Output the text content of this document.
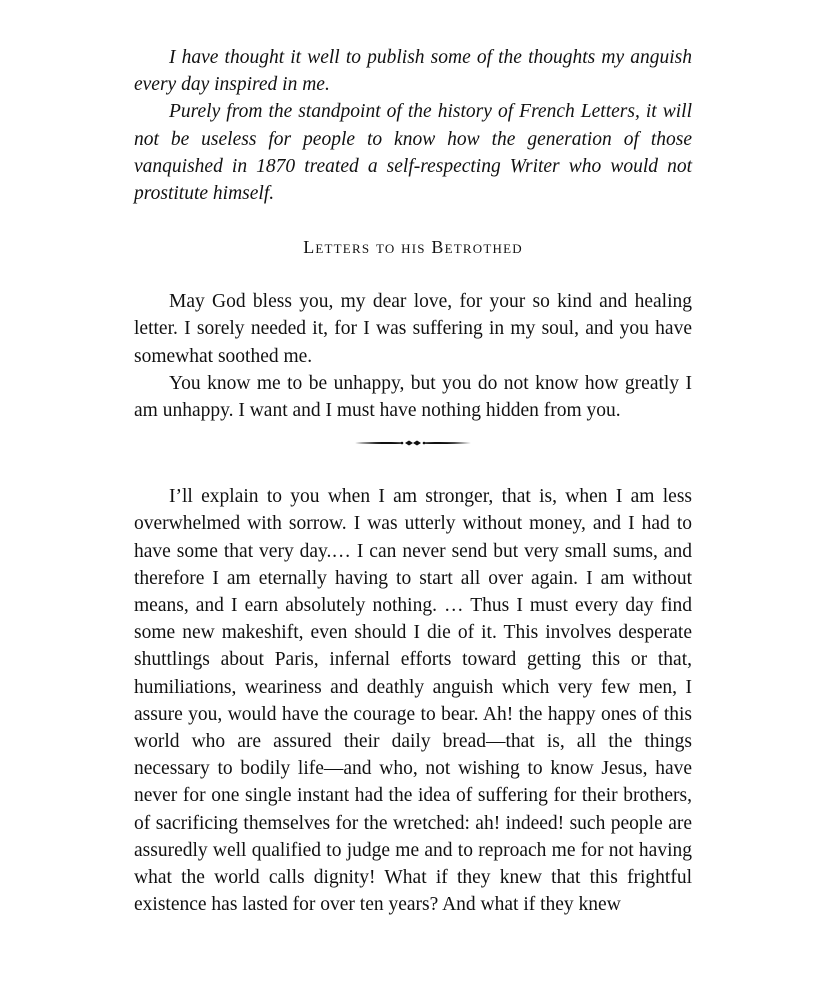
I have thought it well to publish some of the thoughts my anguish every day inspired in me.

Purely from the standpoint of the history of French Letters, it will not be useless for people to know how the generation of those vanquished in 1870 treated a self-respecting Writer who would not prostitute himself.

Letters to his Betrothed

May God bless you, my dear love, for your so kind and healing letter. I sorely needed it, for I was suffering in my soul, and you have somewhat soothed me.

You know me to be unhappy, but you do not know how greatly I am unhappy. I want and I must have nothing hidden from you.

I’ll explain to you when I am stronger, that is, when I am less overwhelmed with sorrow. I was utterly without money, and I had to have some that very day.… I can never send but very small sums, and therefore I am eternally having to start all over again. I am without means, and I earn absolutely nothing. … Thus I must every day find some new makeshift, even should I die of it. This involves desperate shuttlings about Paris, infernal efforts toward getting this or that, humiliations, weariness and deathly anguish which very few men, I assure you, would have the courage to bear. Ah! the happy ones of this world who are assured their daily bread—that is, all the things necessary to bodily life—and who, not wishing to know Jesus, have never for one single instant had the idea of suffering for their brothers, of sacrificing themselves for the wretched: ah! indeed! such people are assuredly well qualified to judge me and to reproach me for not having what the world calls dignity! What if they knew that this frightful existence has lasted for over ten years? And what if they knew
